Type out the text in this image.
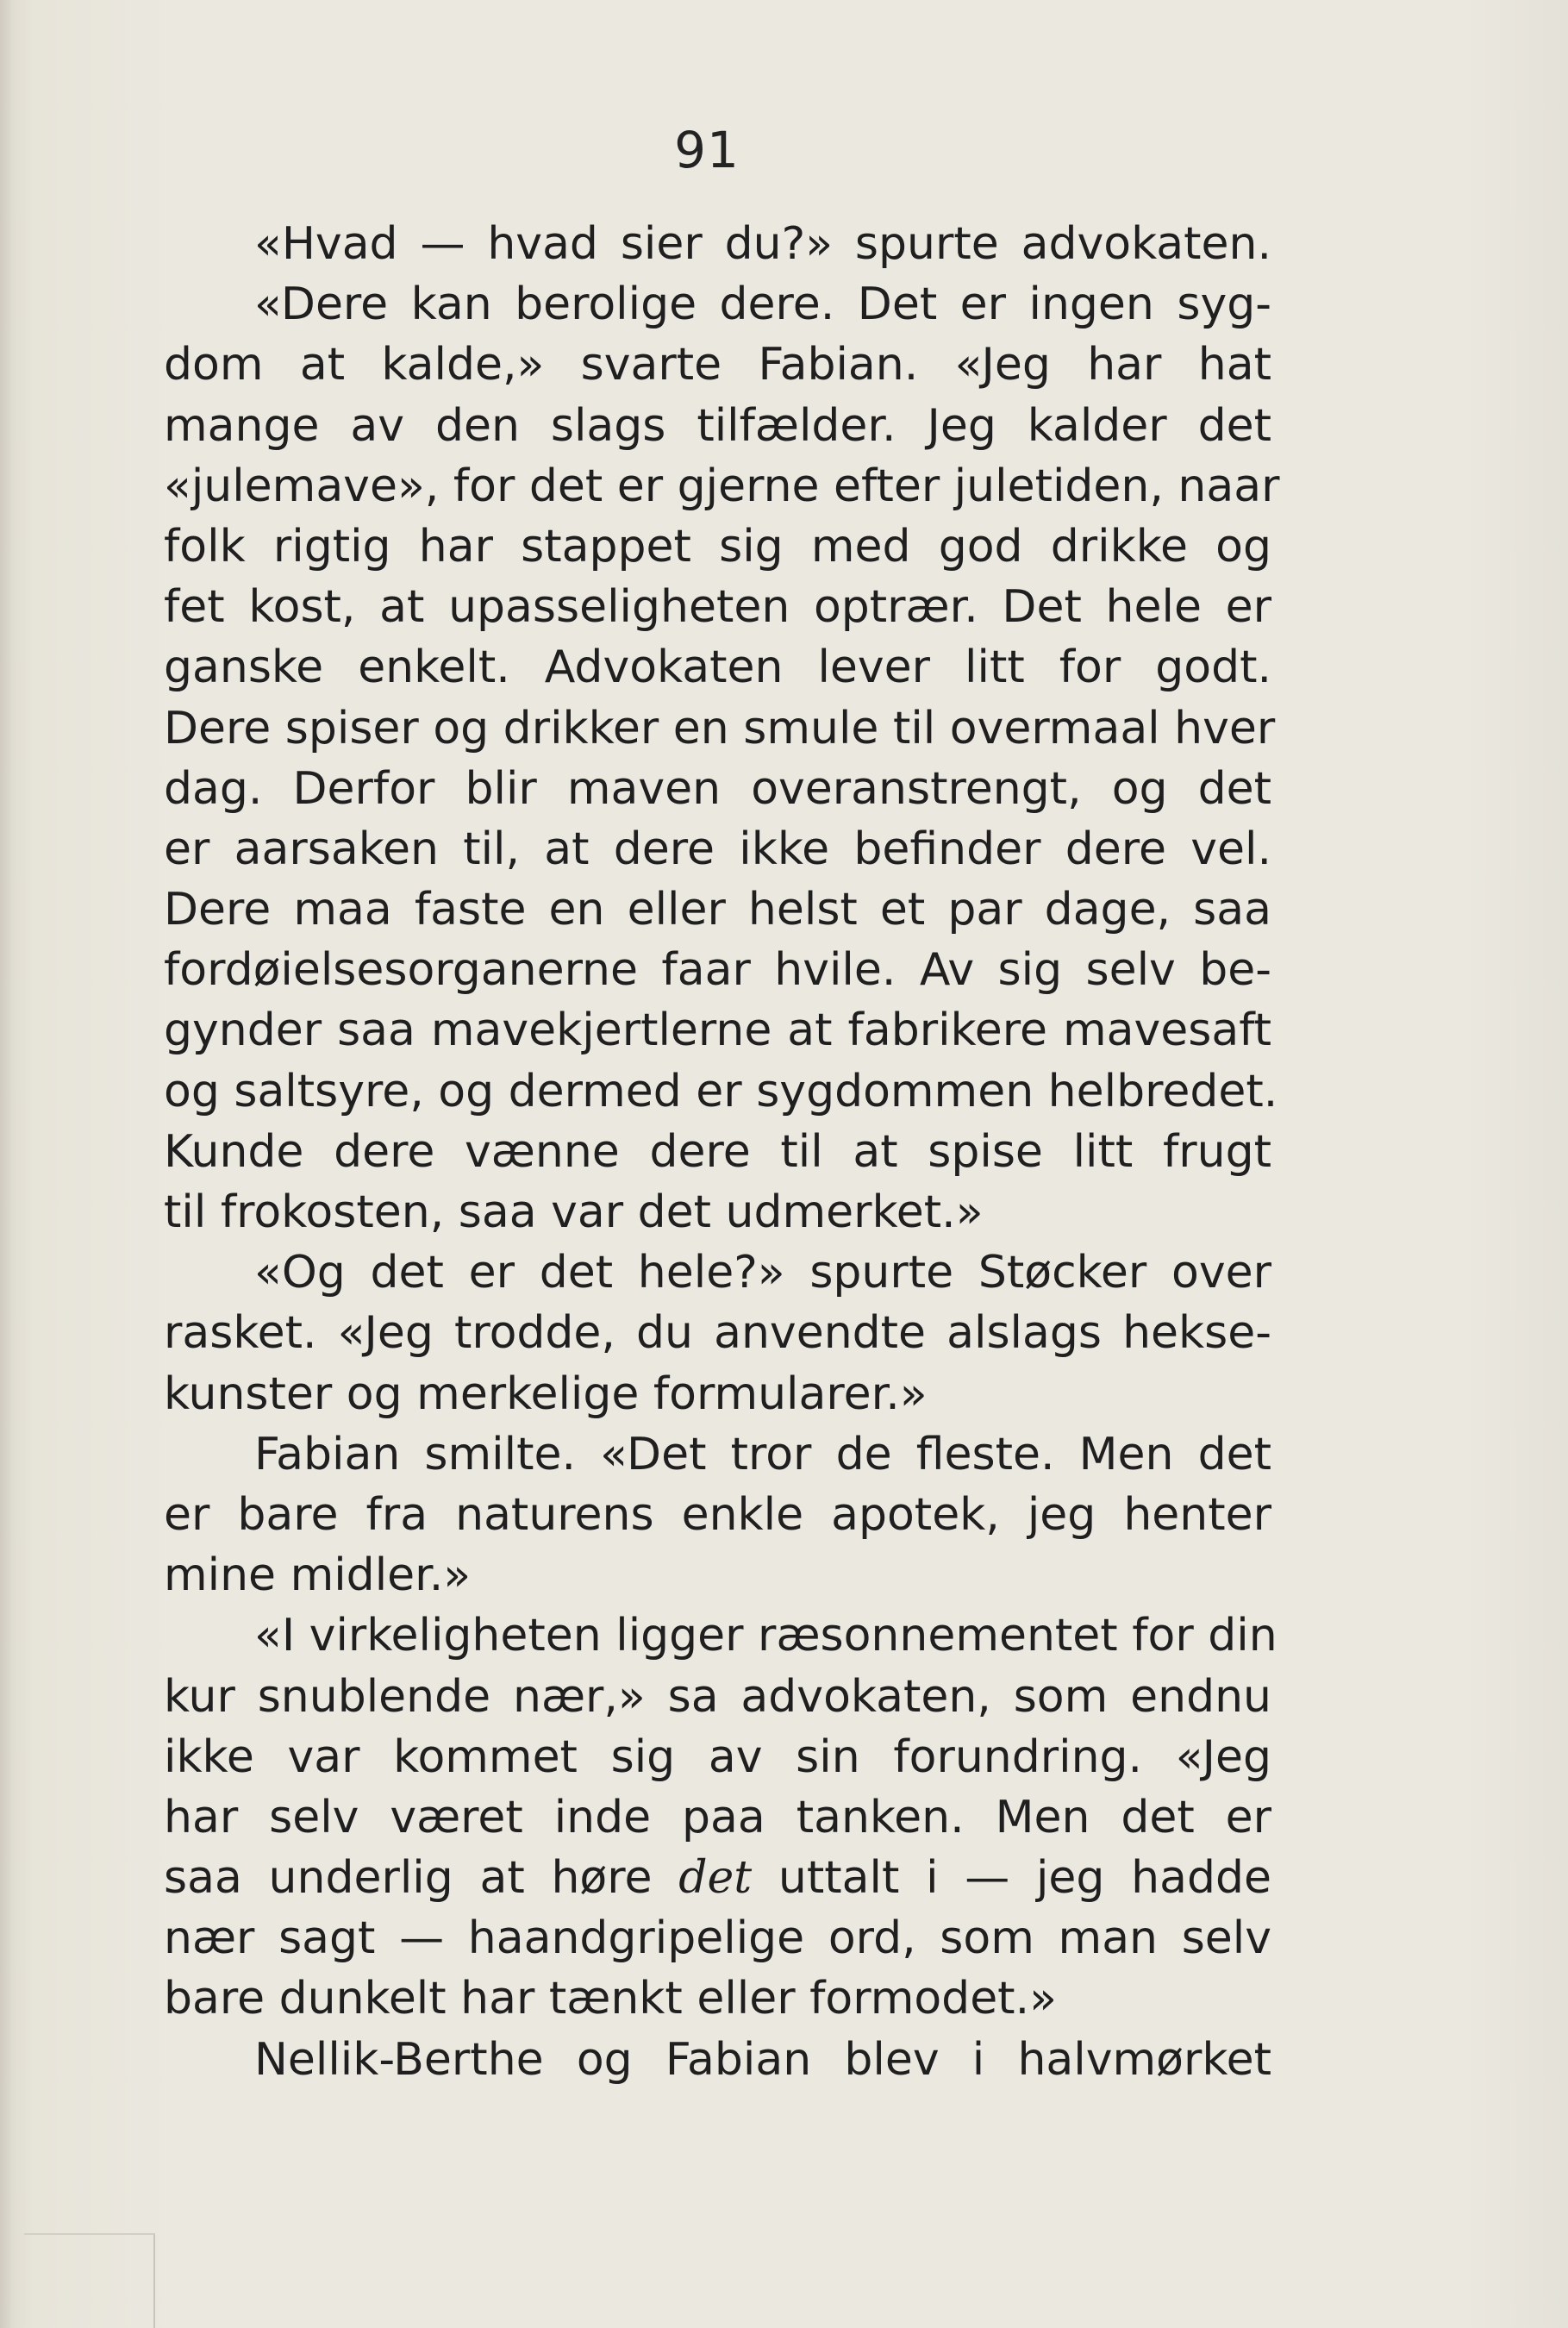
91
«Hvad — hvad sier du?» spurte advokaten.
«Dere kan berolige dere. Det er ingen syg-
dom at kalde,» svarte Fabian. «Jeg har hat
mange av den slags tilfælder. Jeg kalder det
«julemave», for det er gjerne efter juletiden, naar
folk rigtig har stappet sig med god drikke og
fet kost, at upasseligheten optrær. Det hele er
ganske enkelt. Advokaten lever litt for godt.
Dere spiser og drikker en smule til overmaal hver
dag. Derfor blir maven overanstrengt, og det
er aarsaken til, at dere ikke befinder dere vel.
Dere maa faste en eller helst et par dage, saa
fordøielsesorganerne faar hvile. Av sig selv be-
gynder saa mavekjertlerne at fabrikere mavesaft
og saltsyre, og dermed er sygdommen helbredet.
Kunde dere vænne dere til at spise litt frugt
til frokosten, saa var det udmerket.»
«Og det er det hele?» spurte Støcker over
rasket. «Jeg trodde, du anvendte alslags hekse-
kunster og merkelige formularer.»
Fabian smilte. «Det tror de fleste. Men det
er bare fra naturens enkle apotek, jeg henter
mine midler.»
«I virkeligheten ligger ræsonnementet for din
kur snublende nær,» sa advokaten, som endnu
ikke var kommet sig av sin forundring. «Jeg
har selv været inde paa tanken. Men det er
saa underlig at høre det uttalt i — jeg hadde
nær sagt — haandgripelige ord, som man selv
bare dunkelt har tænkt eller formodet.»
Nellik-Berthe og Fabian blev i halvmørket
